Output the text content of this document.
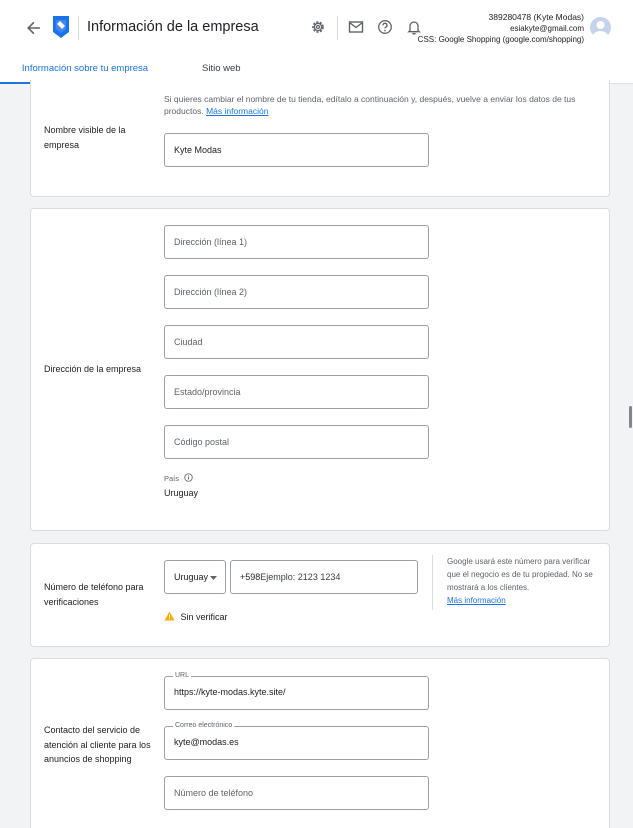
Información de la empresa
389280478 (Kyte Modas)
esiakyte@gmail.com
CSS: Google Shopping (google.com/shopping)
Información sobre tu empresa	Sitio web
Nombre visible de la empresa
Si quieres cambiar el nombre de tu tienda, edítalo a continuación y, después, vuelve a enviar los datos de tus productos. Más información
Kyte Modas
Dirección de la empresa
Dirección (línea 1)
Dirección (línea 2)
Ciudad
Estado/provincia
Código postal
País
Uruguay
Número de teléfono para verificaciones
Uruguay	+598Ejemplo: 2123 1234
Sin verificar
Google usará este número para verificar que el negocio es de tu propiedad. No se mostrará a los clientes.
Más información
Contacto del servicio de atención al cliente para los anuncios de shopping
URL
https://kyte-modas.kyte.site/
Correo electrónico
kyte@modas.es
Número de teléfono
